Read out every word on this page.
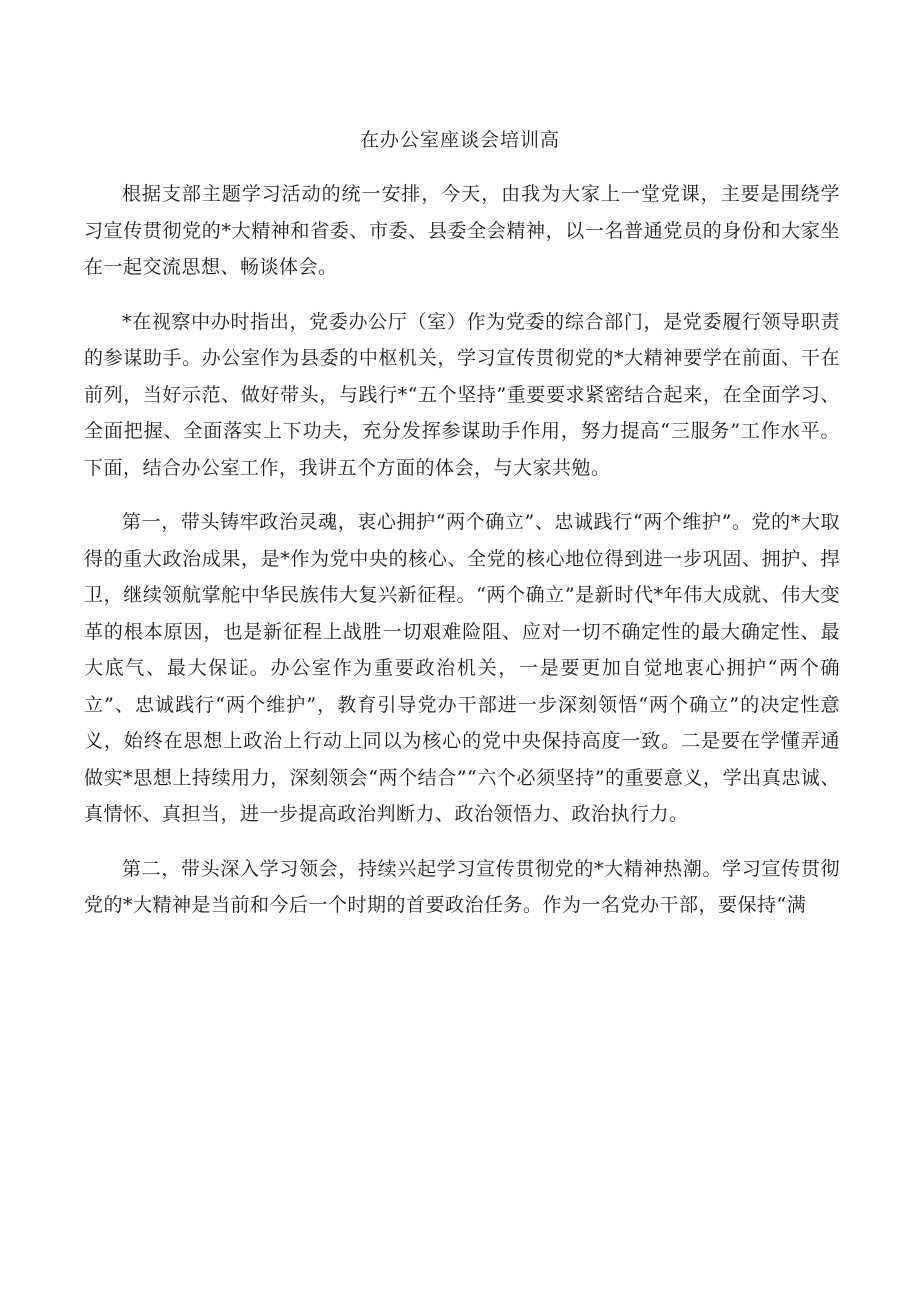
在办公室座谈会培训高

根据支部主题学习活动的统一安排，今天，由我为大家上一堂党课，主要是围绕学习宣传贯彻党的*大精神和省委、市委、县委全会精神，以一名普通党员的身份和大家坐在一起交流思想、畅谈体会。

*在视察中办时指出，党委办公厅（室）作为党委的综合部门，是党委履行领导职责的参谋助手。办公室作为县委的中枢机关，学习宣传贯彻党的*大精神要学在前面、干在前列，当好示范、做好带头，与践行*“五个坚持”重要要求紧密结合起来，在全面学习、全面把握、全面落实上下功夫，充分发挥参谋助手作用，努力提高“三服务”工作水平。下面，结合办公室工作，我讲五个方面的体会，与大家共勉。

第一，带头铸牢政治灵魂，衷心拥护“两个确立”、忠诚践行“两个维护”。党的*大取得的重大政治成果，是*作为党中央的核心、全党的核心地位得到进一步巩固、拥护、捍卫，继续领航掌舵中华民族伟大复兴新征程。“两个确立”是新时代*年伟大成就、伟大变革的根本原因，也是新征程上战胜一切艰难险阻、应对一切不确定性的最大确定性、最大底气、最大保证。办公室作为重要政治机关，一是要更加自觉地衷心拥护“两个确立”、忠诚践行“两个维护”，教育引导党办干部进一步深刻领悟“两个确立”的决定性意义，始终在思想上政治上行动上同以为核心的党中央保持高度一致。二是要在学懂弄通做实*思想上持续用力，深刻领会“两个结合”“六个必须坚持”的重要意义，学出真忠诚、真情怀、真担当，进一步提高政治判断力、政治领悟力、政治执行力。

第二，带头深入学习领会，持续兴起学习宣传贯彻党的*大精神热潮。学习宣传贯彻党的*大精神是当前和今后一个时期的首要政治任务。作为一名党办干部，要保持“满
